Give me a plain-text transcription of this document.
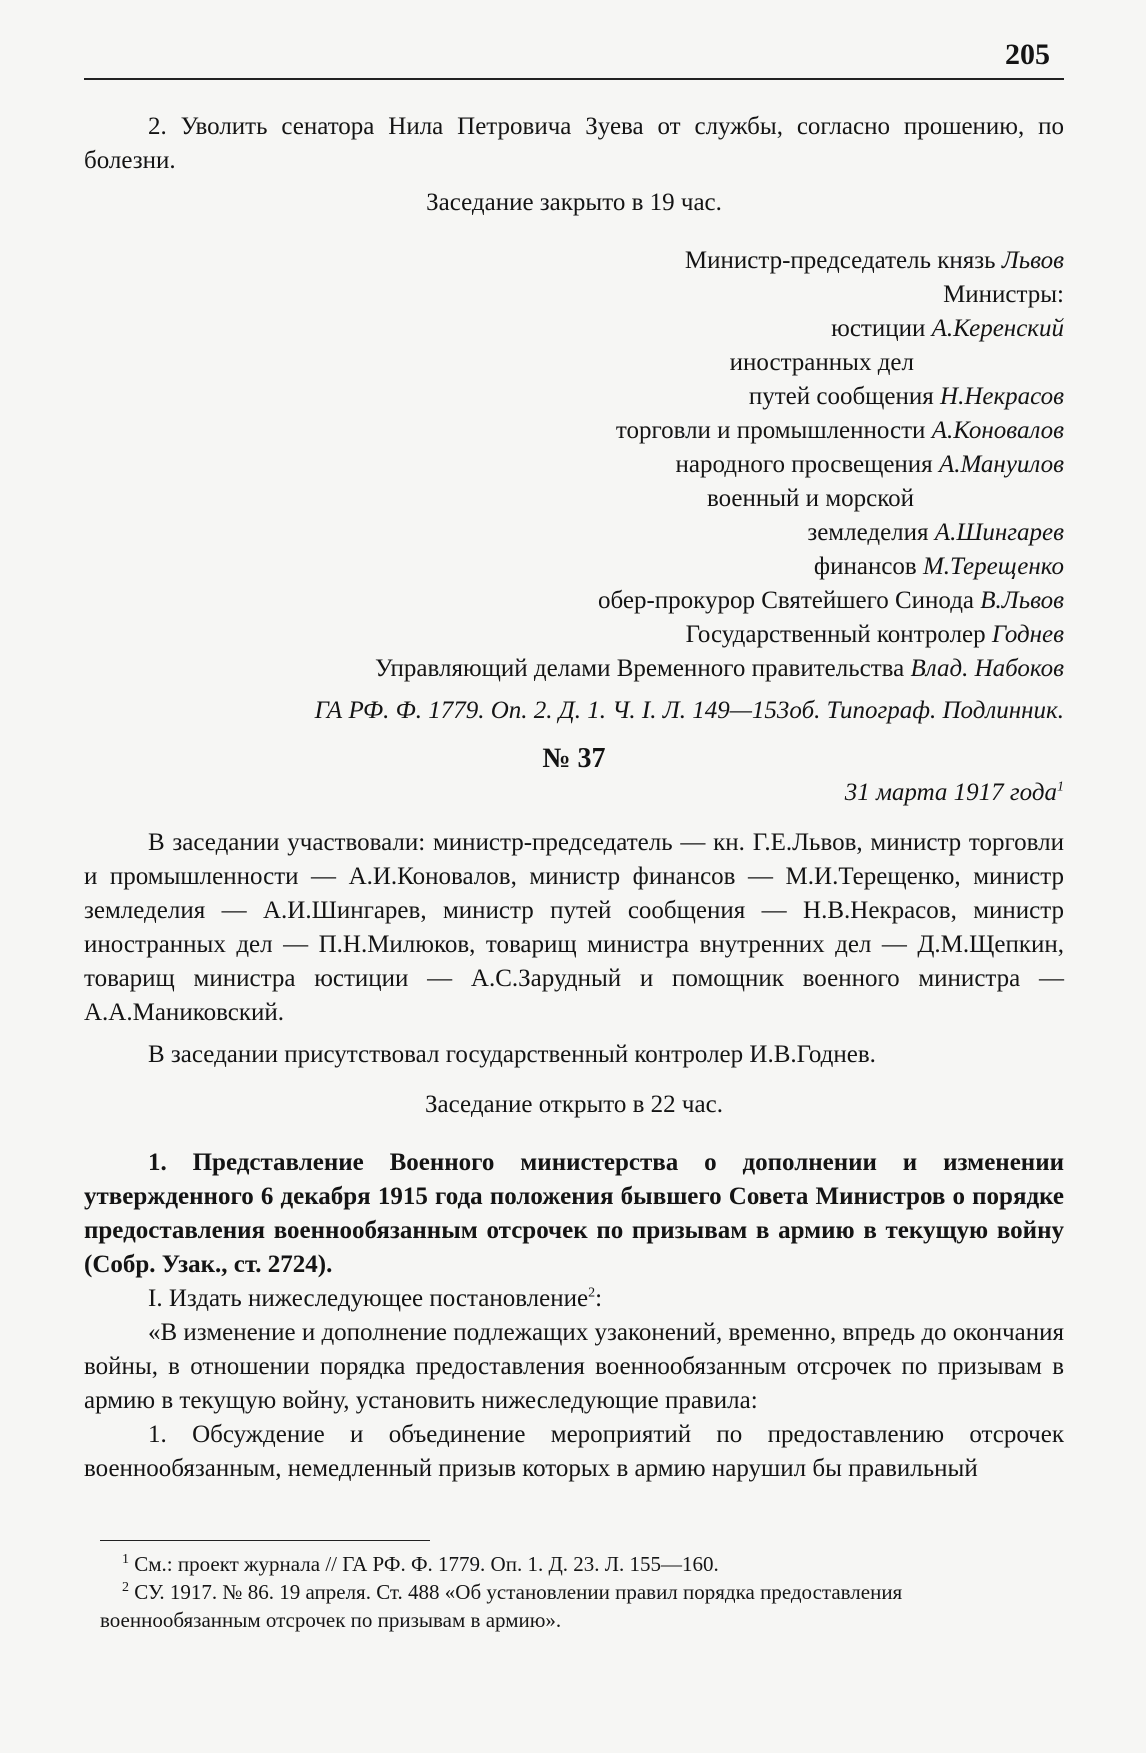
205

2. Уволить сенатора Нила Петровича Зуева от службы, согласно прошению, по болезни.

Заседание закрыто в 19 час.

Министр-председатель князь Львов

Министры:

юстиции А.Керенский

иностранных дел

путей сообщения Н.Некрасов

торговли и промышленности А.Коновалов

народного просвещения А.Мануилов

военный и морской

земледелия А.Шингарев

финансов М.Терещенко

обер-прокурор Святейшего Синода В.Львов

Государственный контролер Годнев

Управляющий делами Временного правительства Влад. Набоков

ГА РФ. Ф. 1779. Оп. 2. Д. 1. Ч. I. Л. 149—153об. Типограф. Подлинник.

№ 37

31 марта 1917 года$^1$

В заседании участвовали: министр-председатель — кн. Г.Е.Львов, министр торговли и промышленности — А.И.Коновалов, министр финансов — М.И.Терещенко, министр земледелия — А.И.Шингарев, министр путей сообщения — Н.В.Некрасов, министр иностранных дел — П.Н.Милюков, товарищ министра внутренних дел — Д.М.Щепкин, товарищ министра юстиции — А.С.Зарудный и помощник военного министра — А.А.Маниковский.

В заседании присутствовал государственный контролер И.В.Годнев.

Заседание открыто в 22 час.

1. Представление Военного министерства о дополнении и изменении утвержденного 6 декабря 1915 года положения бывшего Совета Министров о порядке предоставления военнообязанным отсрочек по призывам в армию в текущую войну (Собр. Узак., ст. 2724).

I. Издать нижеследующее постановление$^2$:

«В изменение и дополнение подлежащих узаконений, временно, впредь до окончания войны, в отношении порядка предоставления военнообязанным отсрочек по призывам в армию в текущую войну, установить нижеследующие правила:

1. Обсуждение и объединение мероприятий по предоставлению отсрочек военнообязанным, немедленный призыв которых в армию нарушил бы правильный

$^1$ См.: проект журнала // ГА РФ. Ф. 1779. Оп. 1. Д. 23. Л. 155—160.

$^2$ СУ. 1917. № 86. 19 апреля. Ст. 488 «Об установлении правил порядка предоставления военнообязанным отсрочек по призывам в армию».
